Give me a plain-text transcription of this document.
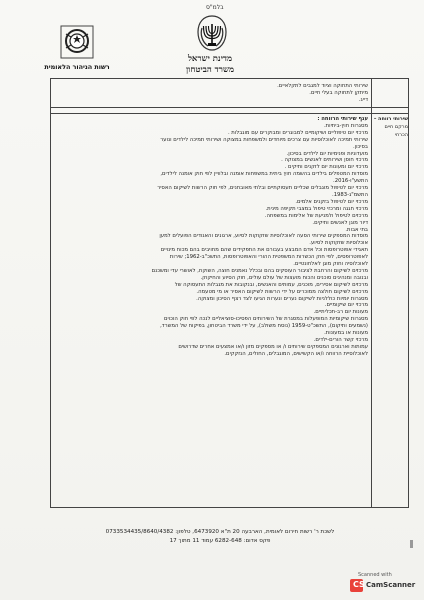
בלמ"ס
מדינת ישראל
משרד הביטחון
רשות הניהור הלאומית
שירותי התחוקה וציוד למגבים לתקלאיים.
מיתקן לתחוקה בעלי חיים.
דייג.
ענף שירותי הרווחה :
מסגרות חוץ-ביתיות.
מרכזי יום טיפוליים ושיקומיים למבוגרים ומבוקרים עם מוגבלות .
שירותי תמיכה לאוכלוסיות עם צרכים מיוחדים ולמשפחות במצוקה ושירותי תמיכה לילדים ונוער
בסיכון.
מועדוניות ופנימיות יום לילדים בסיכון.
מרכזי חוסן ושירותים לאנשים במצוקה .
מרכזי יום ומעונות יום לזקנים ותיקים .
מוסדות המטפלים בילדים בהשמה חוץ ביתית במשפחות אומנה ובלוויין לפי חוק אומנה לילדים,
התשע"ו-2016.
מרכזי יום לטיפול מוגבלים שכליים תעסוקתיים ובלתי מאובחנים, לפי חוק הרשות לשיקום האסיר
התשמ"ג-1983.
מרכזי יום לטיפול בזקנים אלמים.
מרכזי חגגה ומרכזי טיפול במצבי תקיפה מינית.
מרכזים לטיפול ולמניעת של אלימות במשפחה.
דיור מוגן לאנשים ותיקים.
בתי אבות.
מוסדות המספקים שירותי הסעה לאוכלוסיות שזקוקות לסיוע, ארגונים והאגודים הפועלים למען
אוכלוסיות שזקוקות לסיוע.
תאגידי אפוטרופסות וכל אדם המבצע בעבורם את התפקידים שהם מחויבים בהם מכוח מינויים
לאפוטרופסים, לפי חוק הכשרות המשפטית ההורי והאפוטרופסות, התשכ"ב-1962; שירות
לאוכלוסיה וחוק מוגן לאלחונטיים.
מרכזים לשיקום והרחבת לציבור העוסקים בהם ובכלל נאמנים חוצה, השוקח, לאושרי עדי ומשכנם
ובנובה ומנהיגים סוכנים והכוח מועצות של עולם עולים, חוק הסיוע והחיקוק.
מרכזים לשיקום אסירים, מוכנים, עמותים והאנשים, ובנקובות את מגבלות התעסוקה של
מרכזים לשיקום חולצה ממוכרים על ידי הרשות לשיקום האסיר או מי מטעמה.
מסגרות יומיות כוללניות לשיקום נערים ונערות הגיעו לצד רצף הסיכון ומצוקה.
מרכזי יום שיקומיים.
מעונות יום רב-תכליתיים.
מסגרות שיקומיות המופעלות במסגרת של השירותים הפסיכו-סוציאליים לנכה לפי חוק הוכוים
(נשמעים ותיקום), התשכ"ט-1959 (נוסח משולב), על ידי משרד הביטחון, בפיקוח של המשרד,
מעונות או במעונות.
מרכזי קשר הורים-ילדים.
עמותות וארגונים המספקים שירותים ו/ או מספקים מזון ו/או אמצעים אחרים שדרושים
לאוכלוסיית הרווחה ו/או הקשישים, המוגבלים, החולים, הנזקקים.
שירותי רווחה –
מרקם חיים
הכרחי
לשכת ר' רשות חירום לאומית, הארבעה 20 ת"א 6473920, טלפון: 0733534435/8640/4382
פקס אדום: 6282-648 עמוד 11 מתוך 17
Scanned with
CS CamScanner
